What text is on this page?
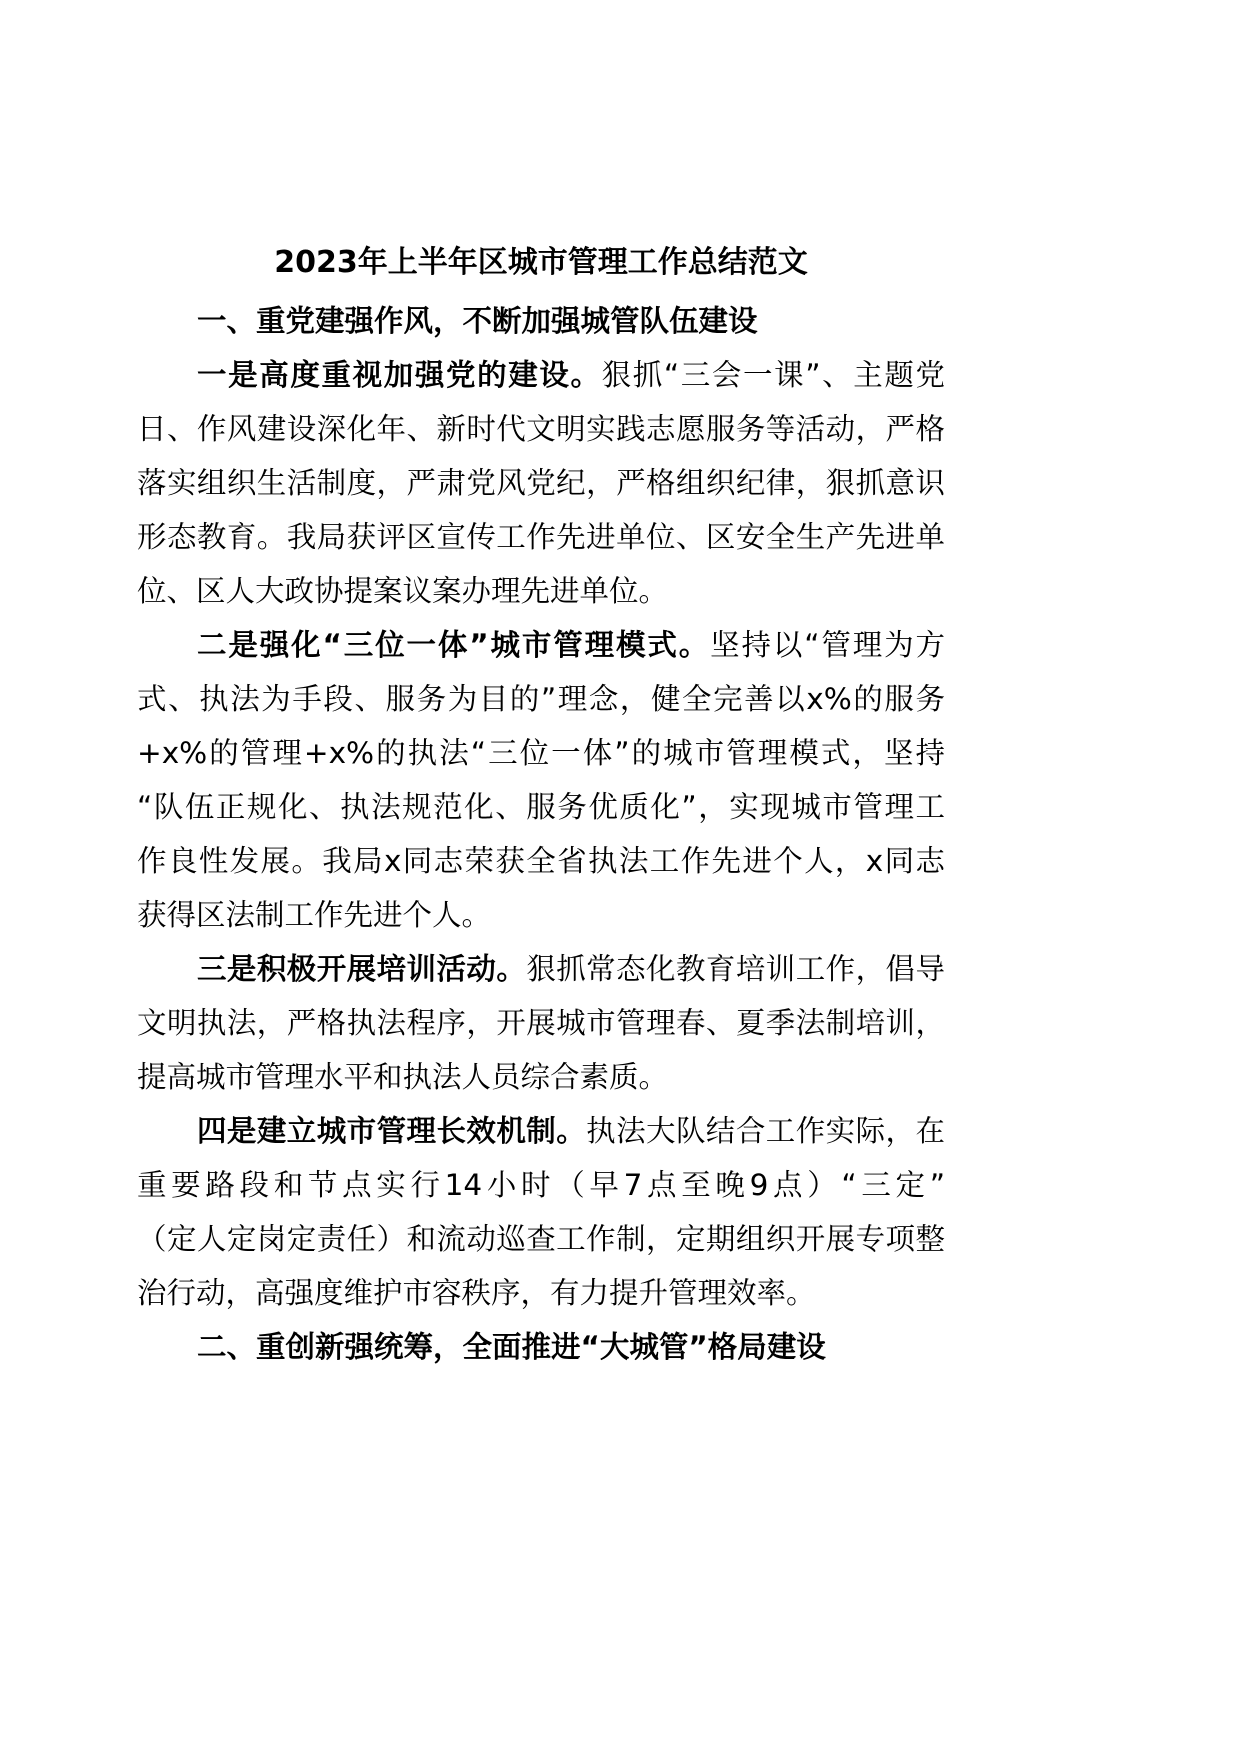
2023年上半年区城市管理工作总结范文
一、重党建强作风，不断加强城管队伍建设
一是高度重视加强党的建设。狠抓“三会一课”、主题党
日、作风建设深化年、新时代文明实践志愿服务等活动，严格
落实组织生活制度，严肃党风党纪，严格组织纪律，狠抓意识
形态教育。我局获评区宣传工作先进单位、区安全生产先进单
位、区人大政协提案议案办理先进单位。
二是强化“三位一体”城市管理模式。坚持以“管理为方
式、执法为手段、服务为目的”理念，健全完善以x%的服务
+x%的管理+x%的执法“三位一体”的城市管理模式，坚持
“队伍正规化、执法规范化、服务优质化”，实现城市管理工
作良性发展。我局x同志荣获全省执法工作先进个人，x同志
获得区法制工作先进个人。
三是积极开展培训活动。狠抓常态化教育培训工作，倡导
文明执法，严格执法程序，开展城市管理春、夏季法制培训，
提高城市管理水平和执法人员综合素质。
四是建立城市管理长效机制。执法大队结合工作实际，在
重要路段和节点实行14小时（早7点至晚9点）“三定”
（定人定岗定责任）和流动巡查工作制，定期组织开展专项整
治行动，高强度维护市容秩序，有力提升管理效率。
二、重创新强统筹，全面推进“大城管”格局建设
